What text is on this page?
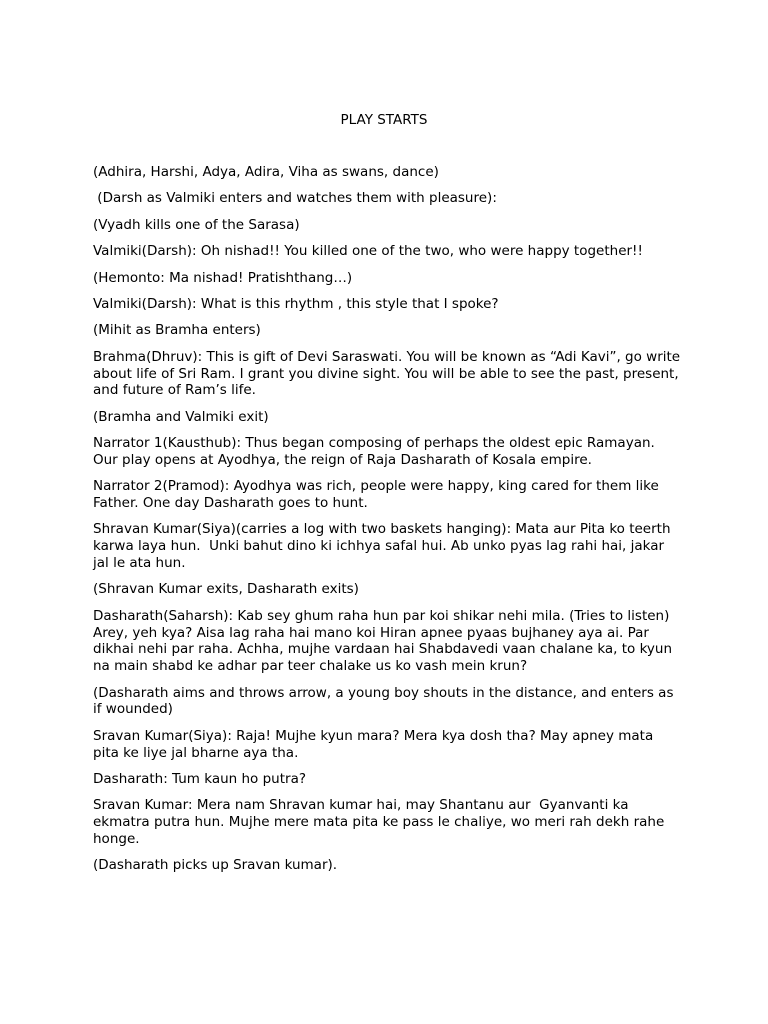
PLAY STARTS

(Adhira, Harshi, Adya, Adira, Viha as swans, dance)

(Darsh as Valmiki enters and watches them with pleasure):

(Vyadh kills one of the Sarasa)

Valmiki(Darsh): Oh nishad!! You killed one of the two, who were happy together!!

(Hemonto: Ma nishad! Pratishthang…)

Valmiki(Darsh): What is this rhythm , this style that I spoke?

(Mihit as Bramha enters)

Brahma(Dhruv): This is gift of Devi Saraswati. You will be known as “Adi Kavi”, go write about life of Sri Ram. I grant you divine sight. You will be able to see the past, present, and future of Ram’s life.

(Bramha and Valmiki exit)

Narrator 1(Kausthub): Thus began composing of perhaps the oldest epic Ramayan. Our play opens at Ayodhya, the reign of Raja Dasharath of Kosala empire.

Narrator 2(Pramod): Ayodhya was rich, people were happy, king cared for them like Father. One day Dasharath goes to hunt.

Shravan Kumar(Siya)(carries a log with two baskets hanging): Mata aur Pita ko teerth karwa laya hun.  Unki bahut dino ki ichhya safal hui. Ab unko pyas lag rahi hai, jakar jal le ata hun.

(Shravan Kumar exits, Dasharath exits)

Dasharath(Saharsh): Kab sey ghum raha hun par koi shikar nehi mila. (Tries to listen) Arey, yeh kya? Aisa lag raha hai mano koi Hiran apnee pyaas bujhaney aya ai. Par dikhai nehi par raha. Achha, mujhe vardaan hai Shabdavedi vaan chalane ka, to kyun na main shabd ke adhar par teer chalake us ko vash mein krun?

(Dasharath aims and throws arrow, a young boy shouts in the distance, and enters as if wounded)

Sravan Kumar(Siya): Raja! Mujhe kyun mara? Mera kya dosh tha? May apney mata pita ke liye jal bharne aya tha.

Dasharath: Tum kaun ho putra?

Sravan Kumar: Mera nam Shravan kumar hai, may Shantanu aur  Gyanvanti ka ekmatra putra hun. Mujhe mere mata pita ke pass le chaliye, wo meri rah dekh rahe honge.

(Dasharath picks up Sravan kumar).
